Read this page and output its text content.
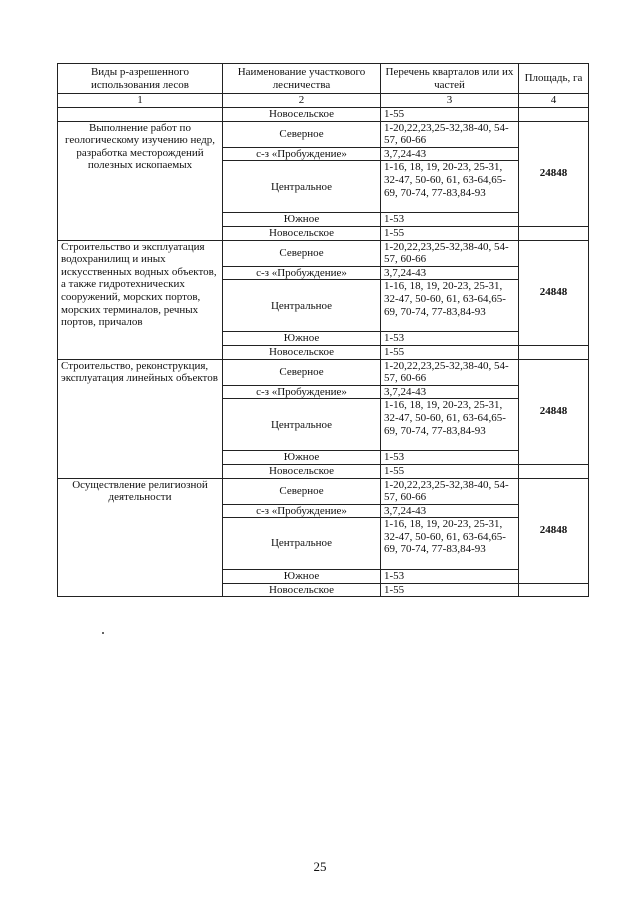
Виды р-азрешенного использования лесов	Наименование участкового лесничества	Перечень кварталов или их частей	Площадь, га
1	2	3	4
	Новосельское	1-55	
Выполнение работ по геологическому изучению недр, разработка месторождений полезных ископаемых	Северное	1-20,22,23,25-32,38-40, 54-57, 60-66	24848
	с-з «Пробуждение»	3,7,24-43	
	Центральное	1-16, 18, 19, 20-23, 25-31, 32-47, 50-60, 61, 63-64,65-69, 70-74, 77-83,84-93	
	Южное	1-53	
	Новосельское	1-55	
Строительство и эксплуатация водохранилищ и иных искусственных водных объектов, а также гидротехнических сооружений, морских портов, морских терминалов, речных портов, причалов	Северное	1-20,22,23,25-32,38-40, 54-57, 60-66	24848
	с-з «Пробуждение»	3,7,24-43	
	Центральное	1-16, 18, 19, 20-23, 25-31, 32-47, 50-60, 61, 63-64,65-69, 70-74, 77-83,84-93	
	Южное	1-53	
	Новосельское	1-55	
Строительство, реконструкция, эксплуатация линейных объектов	Северное	1-20,22,23,25-32,38-40, 54-57, 60-66	24848
	с-з «Пробуждение»	3,7,24-43	
	Центральное	1-16, 18, 19, 20-23, 25-31, 32-47, 50-60, 61, 63-64,65-69, 70-74, 77-83,84-93	
	Южное	1-53	
	Новосельское	1-55	
Осуществление религиозной деятельности	Северное	1-20,22,23,25-32,38-40, 54-57, 60-66	24848
	с-з «Пробуждение»	3,7,24-43	
	Центральное	1-16, 18, 19, 20-23, 25-31, 32-47, 50-60, 61, 63-64,65-69, 70-74, 77-83,84-93	
	Южное	1-53	
	Новосельское	1-55	
25
